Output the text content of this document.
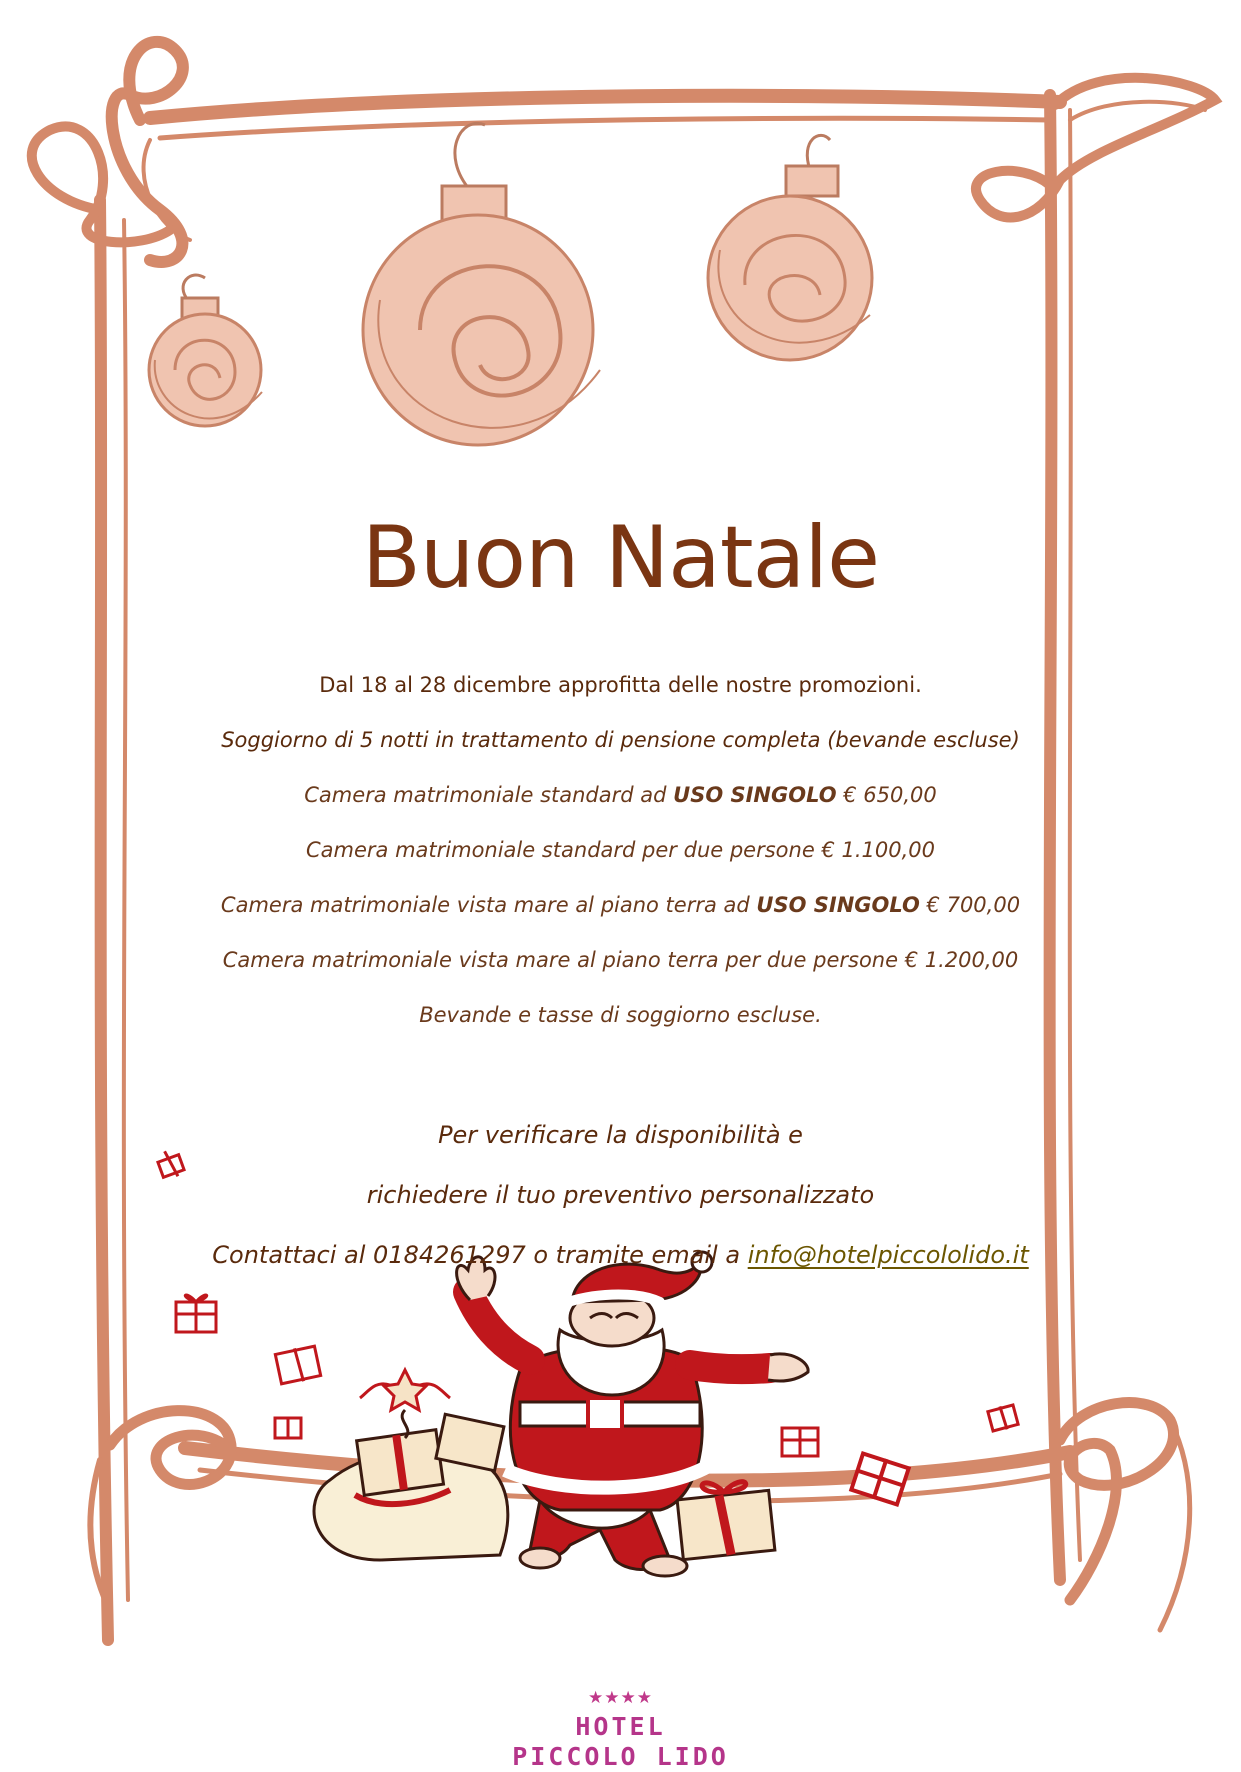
Buon Natale
Dal 18 al 28 dicembre approfitta delle nostre promozioni.
Soggiorno di 5 notti in trattamento di pensione completa (bevande escluse)
Camera matrimoniale standard ad USO SINGOLO € 650,00
Camera matrimoniale standard per due persone € 1.100,00
Camera matrimoniale vista mare al piano terra ad USO SINGOLO € 700,00
Camera matrimoniale vista mare al piano terra per due persone € 1.200,00
Bevande e tasse di soggiorno escluse.
Per verificare la disponibilità e
richiedere il tuo preventivo personalizzato
Contattaci al 0184261297 o tramite email a info@hotelpiccololido.it
★★★★
HOTEL
PICCOLO LIDO
